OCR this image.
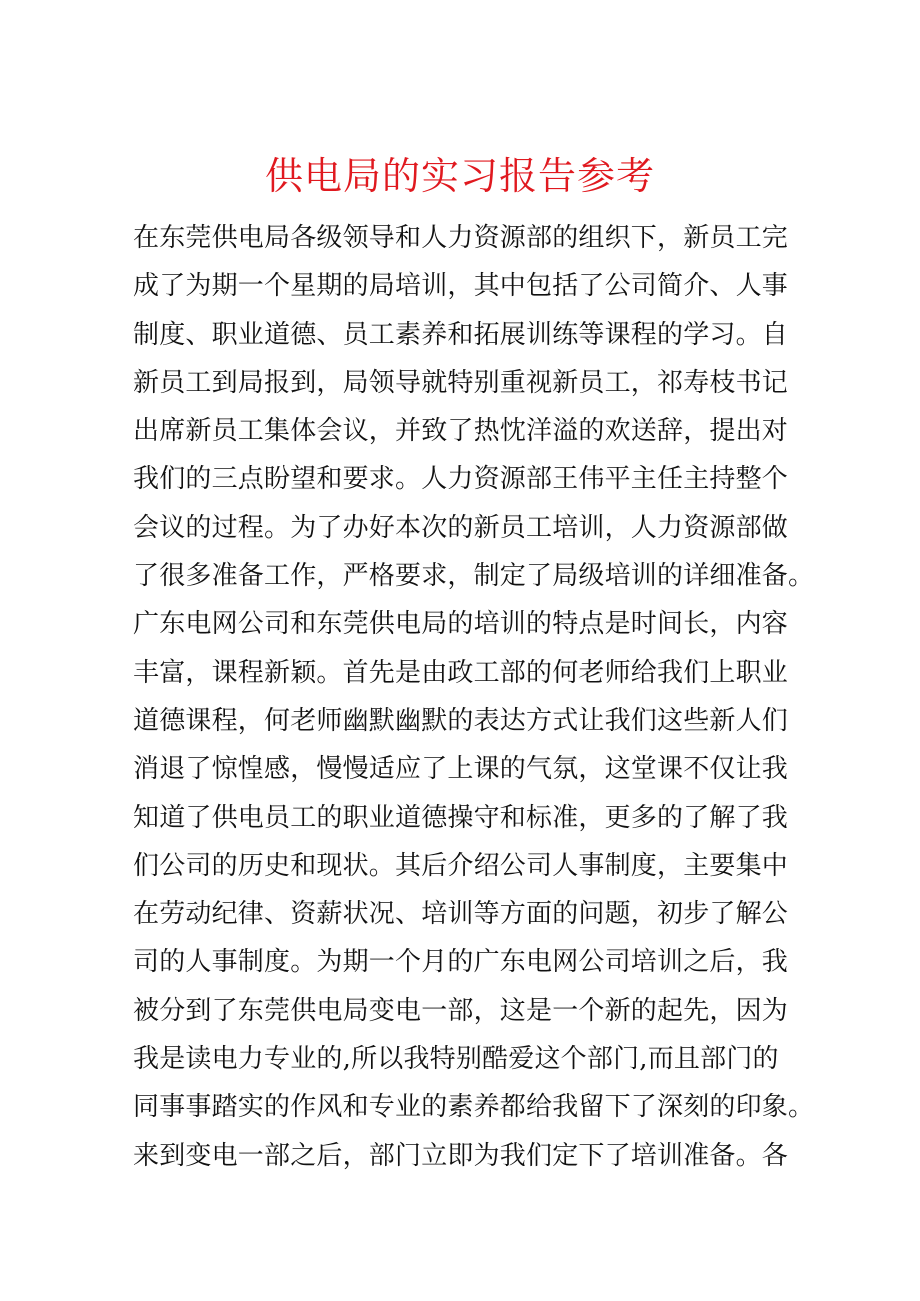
供电局的实习报告参考
在东莞供电局各级领导和人力资源部的组织下，新员工完
成了为期一个星期的局培训，其中包括了公司简介、人事
制度、职业道德、员工素养和拓展训练等课程的学习。自
新员工到局报到，局领导就特别重视新员工，祁寿枝书记
出席新员工集体会议，并致了热忱洋溢的欢送辞，提出对
我们的三点盼望和要求。人力资源部王伟平主任主持整个
会议的过程。为了办好本次的新员工培训，人力资源部做
了很多准备工作，严格要求，制定了局级培训的详细准备。
广东电网公司和东莞供电局的培训的特点是时间长，内容
丰富，课程新颖。首先是由政工部的何老师给我们上职业
道德课程，何老师幽默幽默的表达方式让我们这些新人们
消退了惊惶感，慢慢适应了上课的气氛，这堂课不仅让我
知道了供电员工的职业道德操守和标准，更多的了解了我
们公司的历史和现状。其后介绍公司人事制度，主要集中
在劳动纪律、资薪状况、培训等方面的问题，初步了解公
司的人事制度。为期一个月的广东电网公司培训之后，我
被分到了东莞供电局变电一部，这是一个新的起先，因为
我是读电力专业的,所以我特别酷爱这个部门,而且部门的
同事事踏实的作风和专业的素养都给我留下了深刻的印象。
来到变电一部之后，部门立即为我们定下了培训准备。各
